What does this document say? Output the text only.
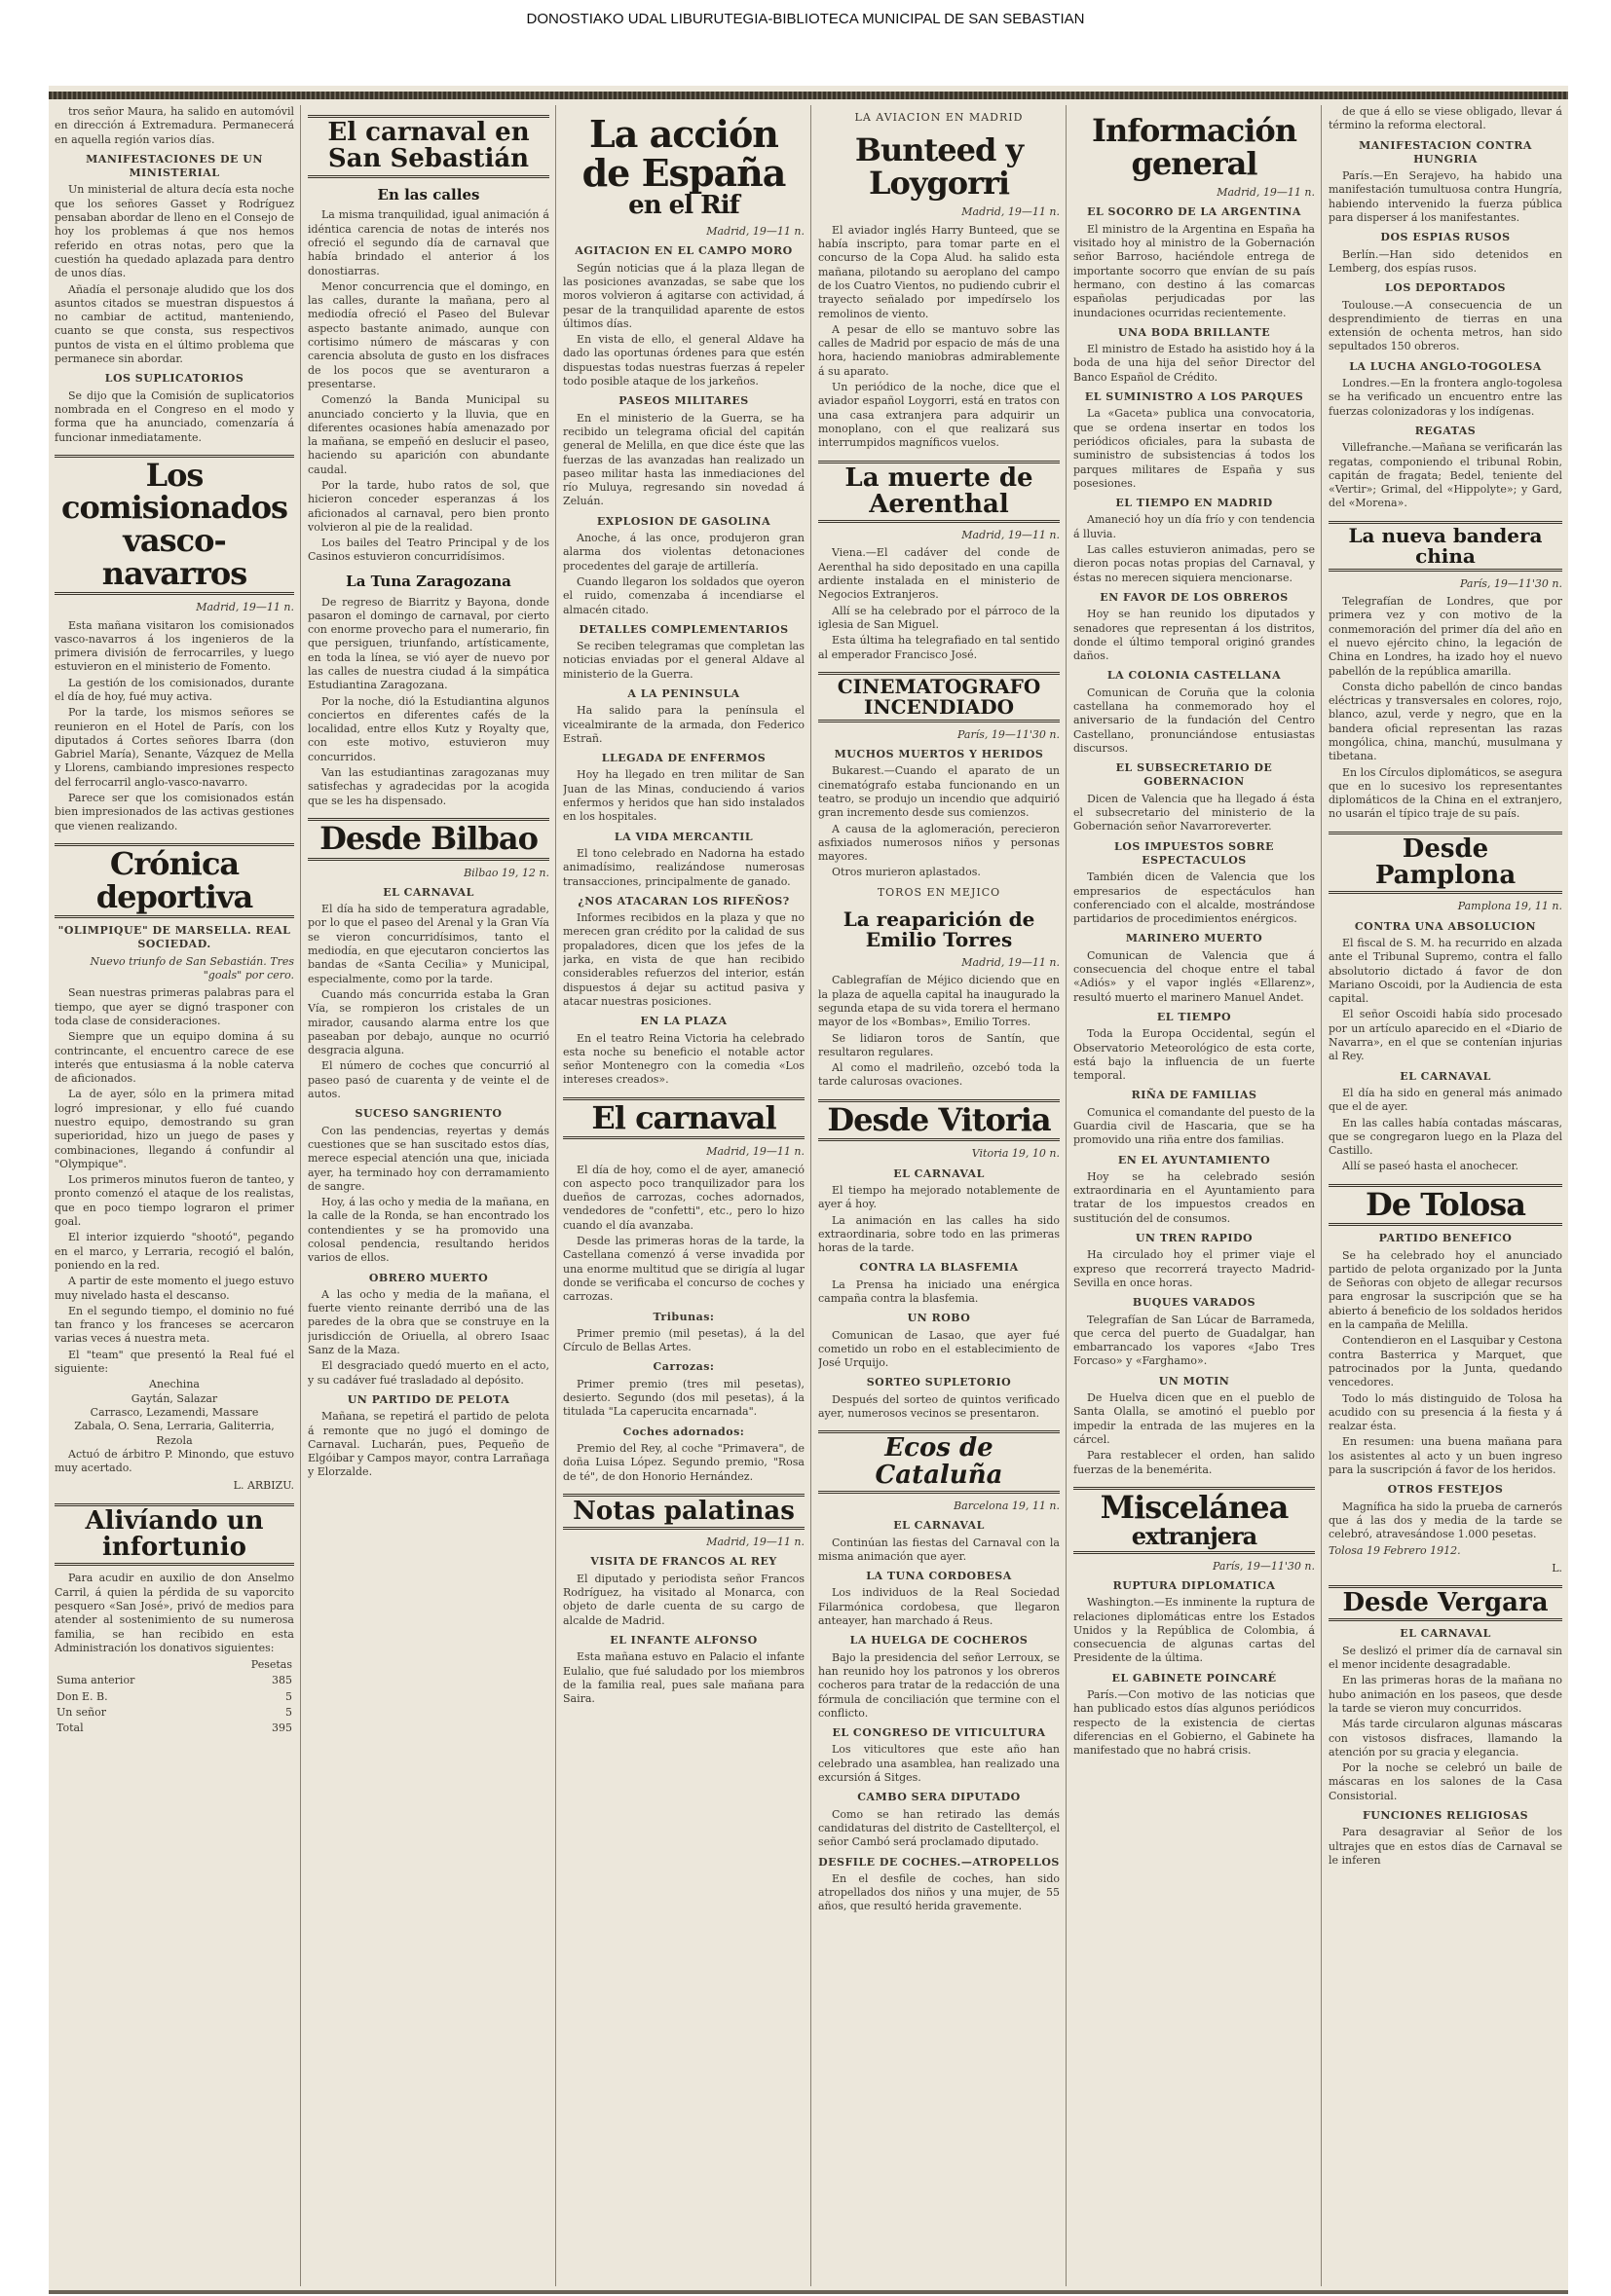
DONOSTIAKO UDAL LIBURUTEGIA-BIBLIOTECA MUNICIPAL DE SAN SEBASTIAN

tros señor Maura, ha salido en automóvil en dirección á Extremadura. Permanecerá en aquella región varios días.

MANIFESTACIONES DE UN MINISTERIAL

Un ministerial de altura decía esta noche que los señores Gasset y Rodríguez pensaban abordar de lleno en el Consejo de hoy los problemas á que nos hemos referido en otras notas, pero que la cuestión ha quedado aplazada para dentro de unos días.

Añadía el personaje aludido que los dos asuntos citados se muestran dispuestos á no cambiar de actitud, manteniendo, cuanto se que consta, sus respectivos puntos de vista en el último problema que permanece sin abordar.

LOS SUPLICATORIOS

Se dijo que la Comisión de suplicatorios nombrada en el Congreso en el modo y forma que ha anunciado, comenzaría á funcionar inmediatamente.

Los comisionados
vasco-navarros
Madrid, 19—11 n.

Esta mañana visitaron los comisionados vasco-navarros á los ingenieros de la primera división de ferrocarriles, y luego estuvieron en el ministerio de Fomento.

La gestión de los comisionados, durante el día de hoy, fué muy activa.

Por la tarde, los mismos señores se reunieron en el Hotel de París, con los diputados á Cortes señores Ibarra (don Gabriel María), Senante, Vázquez de Mella y Llorens, cambiando impresiones respecto del ferrocarril anglo-vasco-navarro.

Parece ser que los comisionados están bien impresionados de las activas gestiones que vienen realizando.

Crónica deportiva
"OLIMPIQUE" DE MARSELLA. REAL SOCIEDAD.
Nuevo triunfo de San Sebastián. Tres "goals" por cero.

Sean nuestras primeras palabras para el tiempo, que ayer se dignó trasponer con toda clase de consideraciones.

Siempre que un equipo domina á su contrincante, el encuentro carece de ese interés que entusiasma á la noble caterva de aficionados.

La de ayer, sólo en la primera mitad logró impresionar, y ello fué cuando nuestro equipo, demostrando su gran superioridad, hizo un juego de pases y combinaciones, llegando á confundir al "Olympique".

Los primeros minutos fueron de tanteo, y pronto comenzó el ataque de los realistas, que en poco tiempo lograron el primer goal.

El interior izquierdo "shootó", pegando en el marco, y Lerraria, recogió el balón, poniendo en la red.

A partir de este momento el juego estuvo muy nivelado hasta el descanso.

En el segundo tiempo, el dominio no fué tan franco y los franceses se acercaron varias veces á nuestra meta.

El "team" que presentó la Real fué el siguiente:

Anechina
Gaytán, Salazar
Carrasco, Lezamendi, Massare
Zabala, O. Sena, Lerraria, Galiterria, Rezola

Actuó de árbitro P. Minondo, que estuvo muy acertado.

L. ARBIZU.
Alivíando un infortunio

Para acudir en auxilio de don Anselmo Carril, á quien la pérdida de su vaporcito pesquero «San José», privó de medios para atender al sostenimiento de su numerosa familia, se han recibido en esta Administración los donativos siguientes:

	Pesetas
Suma anterior	385
Don E. B.	5
Un señor	5
Total	395
El carnaval en San Sebastián
En las calles

La misma tranquilidad, igual animación á idéntica carencia de notas de interés nos ofreció el segundo día de carnaval que había brindado el anterior á los donostiarras.

Menor concurrencia que el domingo, en las calles, durante la mañana, pero al mediodía ofreció el Paseo del Bulevar aspecto bastante animado, aunque con cortisimo número de máscaras y con carencia absoluta de gusto en los disfraces de los pocos que se aventuraron a presentarse.

Comenzó la Banda Municipal su anunciado concierto y la lluvia, que en diferentes ocasiones había amenazado por la mañana, se empeñó en deslucir el paseo, haciendo su aparición con abundante caudal.

Por la tarde, hubo ratos de sol, que hicieron conceder esperanzas á los aficionados al carnaval, pero bien pronto volvieron al pie de la realidad.

Los bailes del Teatro Principal y de los Casinos estuvieron concurridísimos.

La Tuna Zaragozana

De regreso de Biarritz y Bayona, donde pasaron el domingo de carnaval, por cierto con enorme provecho para el numerario, fin que persiguen, triunfando, artísticamente, en toda la línea, se vió ayer de nuevo por las calles de nuestra ciudad á la simpática Estudiantina Zaragozana.

Por la noche, dió la Estudiantina algunos conciertos en diferentes cafés de la localidad, entre ellos Kutz y Royalty que, con este motivo, estuvieron muy concurridos.

Van las estudiantinas zaragozanas muy satisfechas y agradecidas por la acogida que se les ha dispensado.

Desde Bilbao
Bilbao 19, 12 n.
EL CARNAVAL

El día ha sido de temperatura agradable, por lo que el paseo del Arenal y la Gran Vía se vieron concurridísimos, tanto el mediodía, en que ejecutaron conciertos las bandas de «Santa Cecilia» y Municipal, especialmente, como por la tarde.

Cuando más concurrida estaba la Gran Vía, se rompieron los cristales de un mirador, causando alarma entre los que paseaban por debajo, aunque no ocurrió desgracia alguna.

El número de coches que concurrió al paseo pasó de cuarenta y de veinte el de autos.

SUCESO SANGRIENTO

Con las pendencias, reyertas y demás cuestiones que se han suscitado estos días, merece especial atención una que, iniciada ayer, ha terminado hoy con derramamiento de sangre.

Hoy, á las ocho y media de la mañana, en la calle de la Ronda, se han encontrado los contendientes y se ha promovido una colosal pendencia, resultando heridos varios de ellos.

OBRERO MUERTO

A las ocho y media de la mañana, el fuerte viento reinante derribó una de las paredes de la obra que se construye en la jurisdicción de Oriuella, al obrero Isaac Sanz de la Maza.

El desgraciado quedó muerto en el acto, y su cadáver fué trasladado al depósito.

UN PARTIDO DE PELOTA

Mañana, se repetirá el partido de pelota á remonte que no jugó el domingo de Carnaval. Lucharán, pues, Pequeño de Elgóibar y Campos mayor, contra Larrañaga y Elorzalde.

La acción de España
en el Rif
Madrid, 19—11 n.
AGITACION EN EL CAMPO MORO

Según noticias que á la plaza llegan de las posiciones avanzadas, se sabe que los moros volvieron á agitarse con actividad, á pesar de la tranquilidad aparente de estos últimos días.

En vista de ello, el general Aldave ha dado las oportunas órdenes para que estén dispuestas todas nuestras fuerzas á repeler todo posible ataque de los jarkeños.

PASEOS MILITARES

En el ministerio de la Guerra, se ha recibido un telegrama oficial del capitán general de Melilla, en que dice éste que las fuerzas de las avanzadas han realizado un paseo militar hasta las inmediaciones del río Muluya, regresando sin novedad á Zeluán.

EXPLOSION DE GASOLINA

Anoche, á las once, produjeron gran alarma dos violentas detonaciones procedentes del garaje de artillería.

Cuando llegaron los soldados que oyeron el ruido, comenzaba á incendiarse el almacén citado.

DETALLES COMPLEMENTARIOS

Se reciben telegramas que completan las noticias enviadas por el general Aldave al ministerio de la Guerra.

A LA PENINSULA

Ha salido para la península el vicealmirante de la armada, don Federico Estrañ.

LLEGADA DE ENFERMOS

Hoy ha llegado en tren militar de San Juan de las Minas, conduciendo á varios enfermos y heridos que han sido instalados en los hospitales.

LA VIDA MERCANTIL

El tono celebrado en Nadorna ha estado animadísimo, realizándose numerosas transacciones, principalmente de ganado.

¿NOS ATACARAN LOS RIFEÑOS?

Informes recibidos en la plaza y que no merecen gran crédito por la calidad de sus propaladores, dicen que los jefes de la jarka, en vista de que han recibido considerables refuerzos del interior, están dispuestos á dejar su actitud pasiva y atacar nuestras posiciones.

EN LA PLAZA

En el teatro Reina Victoria ha celebrado esta noche su beneficio el notable actor señor Montenegro con la comedia «Los intereses creados».

El carnaval
Madrid, 19—11 n.

El día de hoy, como el de ayer, amaneció con aspecto poco tranquilizador para los dueños de carrozas, coches adornados, vendedores de "confetti", etc., pero lo hizo cuando el día avanzaba.

Desde las primeras horas de la tarde, la Castellana comenzó á verse invadida por una enorme multitud que se dirigía al lugar donde se verificaba el concurso de coches y carrozas.

Tribunas:

Primer premio (mil pesetas), á la del Círculo de Bellas Artes.

Carrozas:

Primer premio (tres mil pesetas), desierto. Segundo (dos mil pesetas), á la titulada "La caperucita encarnada".

Coches adornados:

Premio del Rey, al coche "Primavera", de doña Luisa López. Segundo premio, "Rosa de té", de don Honorio Hernández.

Notas palatinas
Madrid, 19—11 n.
VISITA DE FRANCOS AL REY

El diputado y periodista señor Francos Rodríguez, ha visitado al Monarca, con objeto de darle cuenta de su cargo de alcalde de Madrid.

EL INFANTE ALFONSO

Esta mañana estuvo en Palacio el infante Eulalio, que fué saludado por los miembros de la familia real, pues sale mañana para Saira.

LA AVIACION EN MADRID
Bunteed y Loygorri
Madrid, 19—11 n.

El aviador inglés Harry Bunteed, que se había inscripto, para tomar parte en el concurso de la Copa Alud. ha salido esta mañana, pilotando su aeroplano del campo de los Cuatro Vientos, no pudiendo cubrir el trayecto señalado por impedírselo los remolinos de viento.

A pesar de ello se mantuvo sobre las calles de Madrid por espacio de más de una hora, haciendo maniobras admirablemente á su aparato.

Un periódico de la noche, dice que el aviador español Loygorri, está en tratos con una casa extranjera para adquirir un monoplano, con el que realizará sus interrumpidos magníficos vuelos.

La muerte de Aerenthal
Madrid, 19—11 n.

Viena.—El cadáver del conde de Aerenthal ha sido depositado en una capilla ardiente instalada en el ministerio de Negocios Extranjeros.

Allí se ha celebrado por el párroco de la iglesia de San Miguel.

Esta última ha telegrafiado en tal sentido al emperador Francisco José.

CINEMATOGRAFO INCENDIADO
París, 19—11'30 n.
MUCHOS MUERTOS Y HERIDOS

Bukarest.—Cuando el aparato de un cinematógrafo estaba funcionando en un teatro, se produjo un incendio que adquirió gran incremento desde sus comienzos.

A causa de la aglomeración, perecieron asfixiados numerosos niños y personas mayores.

Otros murieron aplastados.

TOROS EN MEJICO
La reaparición de Emilio Torres
Madrid, 19—11 n.

Cablegrafían de Méjico diciendo que en la plaza de aquella capital ha inaugurado la segunda etapa de su vida torera el hermano mayor de los «Bombas», Emilio Torres.

Se lidiaron toros de Santín, que resultaron regulares.

Al como el madrileño, ozcebó toda la tarde calurosas ovaciones.

Desde Vitoria
Vitoria 19, 10 n.
EL CARNAVAL

El tiempo ha mejorado notablemente de ayer á hoy.

La animación en las calles ha sido extraordinaria, sobre todo en las primeras horas de la tarde.

CONTRA LA BLASFEMIA

La Prensa ha iniciado una enérgica campaña contra la blasfemia.

UN ROBO

Comunican de Lasao, que ayer fué cometido un robo en el establecimiento de José Urquijo.

SORTEO SUPLETORIO

Después del sorteo de quintos verificado ayer, numerosos vecinos se presentaron.

Ecos de Cataluña
Barcelona 19, 11 n.
EL CARNAVAL

Continúan las fiestas del Carnaval con la misma animación que ayer.

LA TUNA CORDOBESA

Los individuos de la Real Sociedad Filarmónica cordobesa, que llegaron anteayer, han marchado á Reus.

LA HUELGA DE COCHEROS

Bajo la presidencia del señor Lerroux, se han reunido hoy los patronos y los obreros cocheros para tratar de la redacción de una fórmula de conciliación que termine con el conflicto.

EL CONGRESO DE VITICULTURA

Los viticultores que este año han celebrado una asamblea, han realizado una excursión á Sitges.

CAMBO SERA DIPUTADO

Como se han retirado las demás candidaturas del distrito de Castellterçol, el señor Cambó será proclamado diputado.

DESFILE DE COCHES.—ATROPELLOS

En el desfile de coches, han sido atropellados dos niños y una mujer, de 55 años, que resultó herida gravemente.

Información
general
Madrid, 19—11 n.
EL SOCORRO DE LA ARGENTINA

El ministro de la Argentina en España ha visitado hoy al ministro de la Gobernación señor Barroso, haciéndole entrega de importante socorro que envían de su país hermano, con destino á las comarcas españolas perjudicadas por las inundaciones ocurridas recientemente.

UNA BODA BRILLANTE

El ministro de Estado ha asistido hoy á la boda de una hija del señor Director del Banco Español de Crédito.

EL SUMINISTRO A LOS PARQUES

La «Gaceta» publica una convocatoria, que se ordena insertar en todos los periódicos oficiales, para la subasta de suministro de subsistencias á todos los parques militares de España y sus posesiones.

EL TIEMPO EN MADRID

Amaneció hoy un día frío y con tendencia á lluvia.

Las calles estuvieron animadas, pero se dieron pocas notas propias del Carnaval, y éstas no merecen siquiera mencionarse.

EN FAVOR DE LOS OBREROS

Hoy se han reunido los diputados y senadores que representan á los distritos, donde el último temporal originó grandes daños.

LA COLONIA CASTELLANA

Comunican de Coruña que la colonia castellana ha conmemorado hoy el aniversario de la fundación del Centro Castellano, pronunciándose entusiastas discursos.

EL SUBSECRETARIO DE GOBERNACION

Dicen de Valencia que ha llegado á ésta el subsecretario del ministerio de la Gobernación señor Navarroreverter.

LOS IMPUESTOS SOBRE ESPECTACULOS

También dicen de Valencia que los empresarios de espectáculos han conferenciado con el alcalde, mostrándose partidarios de procedimientos enérgicos.

MARINERO MUERTO

Comunican de Valencia que á consecuencia del choque entre el tabal «Adiós» y el vapor inglés «Ellarenz», resultó muerto el marinero Manuel Andet.

EL TIEMPO

Toda la Europa Occidental, según el Observatorio Meteorológico de esta corte, está bajo la influencia de un fuerte temporal.

RIÑA DE FAMILIAS

Comunica el comandante del puesto de la Guardia civil de Hascaria, que se ha promovido una riña entre dos familias.

EN EL AYUNTAMIENTO

Hoy se ha celebrado sesión extraordinaria en el Ayuntamiento para tratar de los impuestos creados en sustitución del de consumos.

UN TREN RAPIDO

Ha circulado hoy el primer viaje el expreso que recorrerá trayecto Madrid-Sevilla en once horas.

BUQUES VARADOS

Telegrafían de San Lúcar de Barrameda, que cerca del puerto de Guadalgar, han embarrancado los vapores «Jabo Tres Forcaso» y «Farghamo».

UN MOTIN

De Huelva dicen que en el pueblo de Santa Olalla, se amotinó el pueblo por impedir la entrada de las mujeres en la cárcel.

Para restablecer el orden, han salido fuerzas de la benemérita.

Miscelánea
extranjera
París, 19—11'30 n.
RUPTURA DIPLOMATICA

Washington.—Es inminente la ruptura de relaciones diplomáticas entre los Estados Unidos y la República de Colombia, á consecuencia de algunas cartas del Presidente de la última.

EL GABINETE POINCARÉ

París.—Con motivo de las noticias que han publicado estos días algunos periódicos respecto de la existencia de ciertas diferencias en el Gobierno, el Gabinete ha manifestado que no habrá crisis.

de que á ello se viese obligado, llevar á término la reforma electoral.

MANIFESTACION CONTRA HUNGRIA

París.—En Serajevo, ha habido una manifestación tumultuosa contra Hungría, habiendo intervenido la fuerza pública para disperser á los manifestantes.

DOS ESPIAS RUSOS

Berlín.—Han sido detenidos en Lemberg, dos espías rusos.

LOS DEPORTADOS

Toulouse.—A consecuencia de un desprendimiento de tierras en una extensión de ochenta metros, han sido sepultados 150 obreros.

LA LUCHA ANGLO-TOGOLESA

Londres.—En la frontera anglo-togolesa se ha verificado un encuentro entre las fuerzas colonizadoras y los indígenas.

REGATAS

Villefranche.—Mañana se verificarán las regatas, componiendo el tribunal Robin, capitán de fragata; Bedel, teniente del «Vertir»; Grimal, del «Hippolyte»; y Gard, del «Morena».

La nueva bandera china
París, 19—11'30 n.

Telegrafían de Londres, que por primera vez y con motivo de la conmemoración del primer día del año en el nuevo ejército chino, la legación de China en Londres, ha izado hoy el nuevo pabellón de la república amarilla.

Consta dicho pabellón de cinco bandas eléctricas y transversales en colores, rojo, blanco, azul, verde y negro, que en la bandera oficial representan las razas mongólica, china, manchú, musulmana y tibetana.

En los Círculos diplomáticos, se asegura que en lo sucesivo los representantes diplomáticos de la China en el extranjero, no usarán el típico traje de su país.

Desde Pamplona
Pamplona 19, 11 n.
CONTRA UNA ABSOLUCION

El fiscal de S. M. ha recurrido en alzada ante el Tribunal Supremo, contra el fallo absolutorio dictado á favor de don Mariano Oscoidi, por la Audiencia de esta capital.

El señor Oscoidi había sido procesado por un artículo aparecido en el «Diario de Navarra», en el que se contenían injurias al Rey.

EL CARNAVAL

El día ha sido en general más animado que el de ayer.

En las calles había contadas máscaras, que se congregaron luego en la Plaza del Castillo.

Allí se paseó hasta el anochecer.

De Tolosa
PARTIDO BENEFICO

Se ha celebrado hoy el anunciado partido de pelota organizado por la Junta de Señoras con objeto de allegar recursos para engrosar la suscripción que se ha abierto á beneficio de los soldados heridos en la campaña de Melilla.

Contendieron en el Lasquibar y Cestona contra Basterrica y Marquet, que patrocinados por la Junta, quedando vencedores.

Todo lo más distinguido de Tolosa ha acudido con su presencia á la fiesta y á realzar ésta.

En resumen: una buena mañana para los asistentes al acto y un buen ingreso para la suscripción á favor de los heridos.

OTROS FESTEJOS

Magnífica ha sido la prueba de carnerós que á las dos y media de la tarde se celebró, atravesándose 1.000 pesetas.

Tolosa 19 Febrero 1912.
L.
Desde Vergara
EL CARNAVAL

Se deslizó el primer día de carnaval sin el menor incidente desagradable.

En las primeras horas de la mañana no hubo animación en los paseos, que desde la tarde se vieron muy concurridos.

Más tarde circularon algunas máscaras con vistosos disfraces, llamando la atención por su gracia y elegancia.

Por la noche se celebró un baile de máscaras en los salones de la Casa Consistorial.

FUNCIONES RELIGIOSAS

Para desagraviar al Señor de los ultrajes que en estos días de Carnaval se le inferen
